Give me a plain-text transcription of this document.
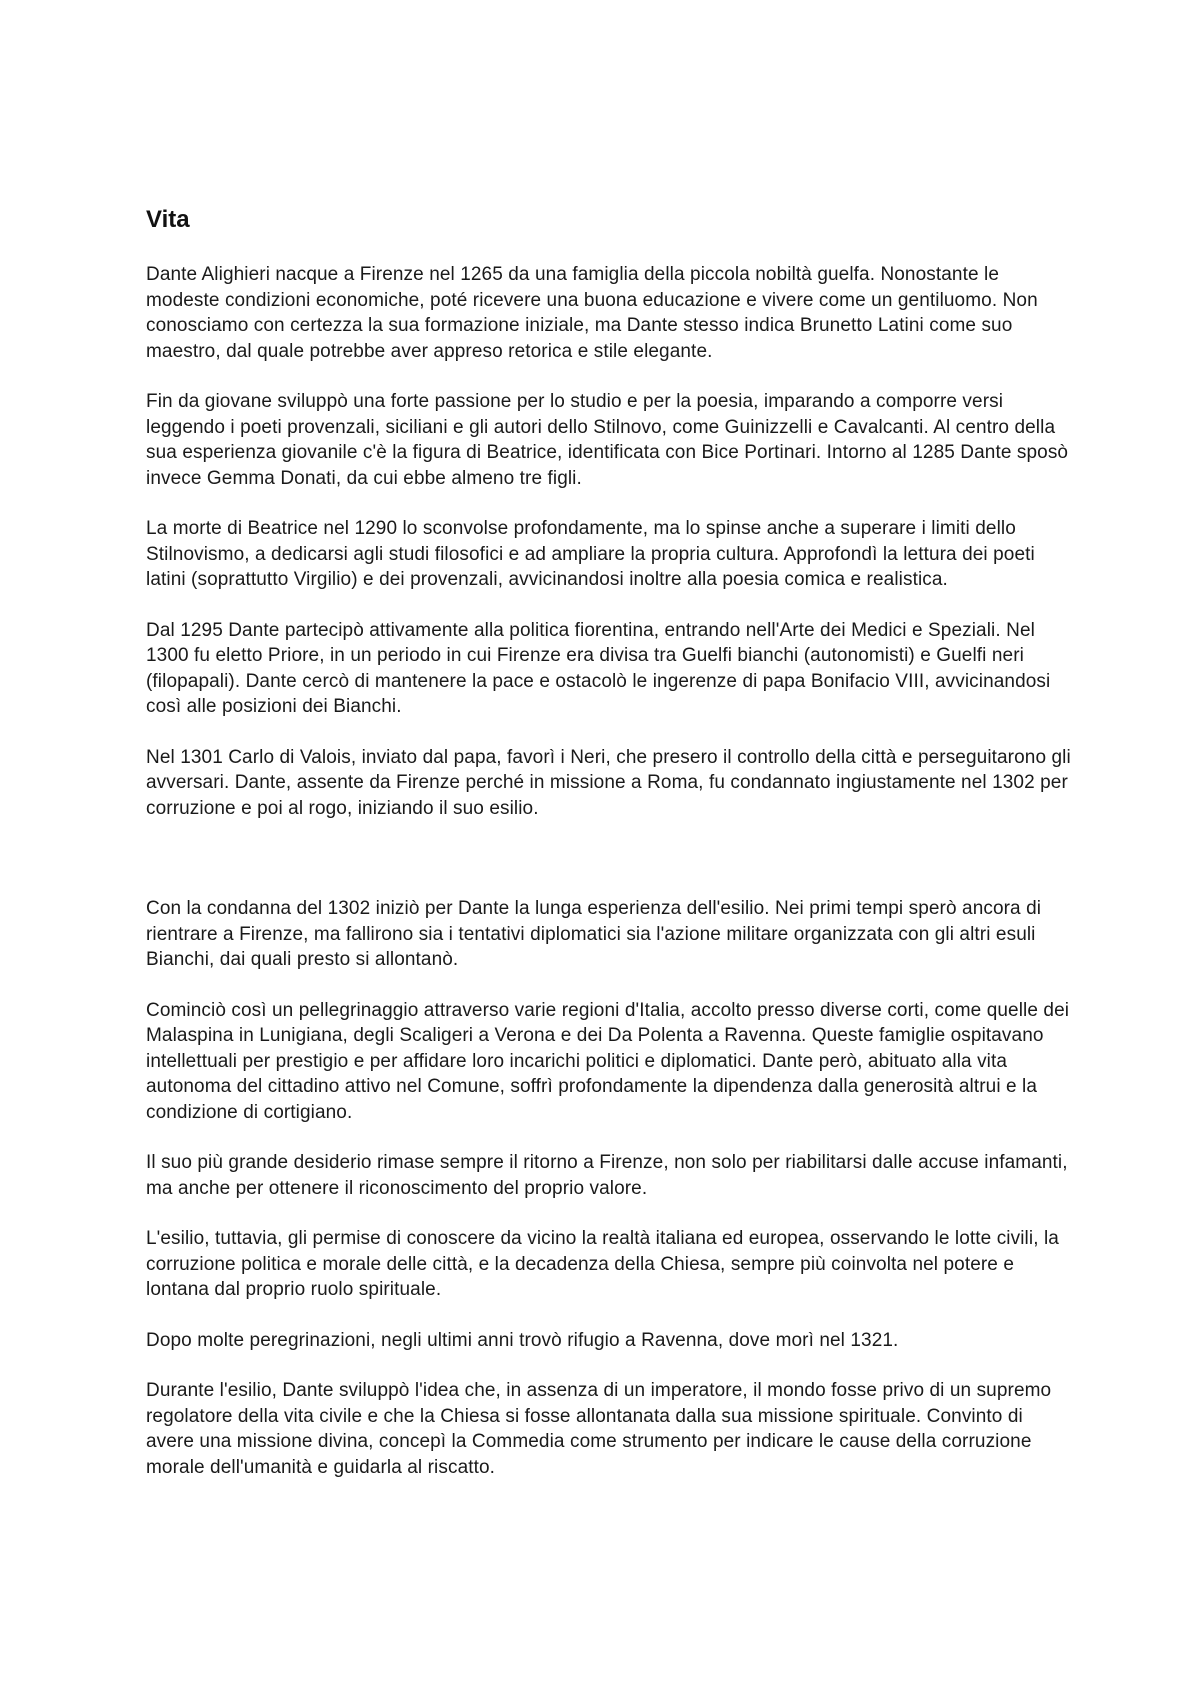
Vita

Dante Alighieri nacque a Firenze nel 1265 da una famiglia della piccola nobiltà guelfa. Nonostante le modeste condizioni economiche, poté ricevere una buona educazione e vivere come un gentiluomo. Non conosciamo con certezza la sua formazione iniziale, ma Dante stesso indica Brunetto Latini come suo maestro, dal quale potrebbe aver appreso retorica e stile elegante.

Fin da giovane sviluppò una forte passione per lo studio e per la poesia, imparando a comporre versi leggendo i poeti provenzali, siciliani e gli autori dello Stilnovo, come Guinizzelli e Cavalcanti. Al centro della sua esperienza giovanile c'è la figura di Beatrice, identificata con Bice Portinari. Intorno al 1285 Dante sposò invece Gemma Donati, da cui ebbe almeno tre figli.

La morte di Beatrice nel 1290 lo sconvolse profondamente, ma lo spinse anche a superare i limiti dello Stilnovismo, a dedicarsi agli studi filosofici e ad ampliare la propria cultura. Approfondì la lettura dei poeti latini (soprattutto Virgilio) e dei provenzali, avvicinandosi inoltre alla poesia comica e realistica.

Dal 1295 Dante partecipò attivamente alla politica fiorentina, entrando nell'Arte dei Medici e Speziali. Nel 1300 fu eletto Priore, in un periodo in cui Firenze era divisa tra Guelfi bianchi (autonomisti) e Guelfi neri (filopapali). Dante cercò di mantenere la pace e ostacolò le ingerenze di papa Bonifacio VIII, avvicinandosi così alle posizioni dei Bianchi.

Nel 1301 Carlo di Valois, inviato dal papa, favorì i Neri, che presero il controllo della città e perseguitarono gli avversari. Dante, assente da Firenze perché in missione a Roma, fu condannato ingiustamente nel 1302 per corruzione e poi al rogo, iniziando il suo esilio.

Con la condanna del 1302 iniziò per Dante la lunga esperienza dell'esilio. Nei primi tempi sperò ancora di rientrare a Firenze, ma fallirono sia i tentativi diplomatici sia l'azione militare organizzata con gli altri esuli Bianchi, dai quali presto si allontanò.

Cominciò così un pellegrinaggio attraverso varie regioni d'Italia, accolto presso diverse corti, come quelle dei Malaspina in Lunigiana, degli Scaligeri a Verona e dei Da Polenta a Ravenna. Queste famiglie ospitavano intellettuali per prestigio e per affidare loro incarichi politici e diplomatici. Dante però, abituato alla vita autonoma del cittadino attivo nel Comune, soffrì profondamente la dipendenza dalla generosità altrui e la condizione di cortigiano.

Il suo più grande desiderio rimase sempre il ritorno a Firenze, non solo per riabilitarsi dalle accuse infamanti, ma anche per ottenere il riconoscimento del proprio valore.

L'esilio, tuttavia, gli permise di conoscere da vicino la realtà italiana ed europea, osservando le lotte civili, la corruzione politica e morale delle città, e la decadenza della Chiesa, sempre più coinvolta nel potere e lontana dal proprio ruolo spirituale.

Dopo molte peregrinazioni, negli ultimi anni trovò rifugio a Ravenna, dove morì nel 1321.

Durante l'esilio, Dante sviluppò l'idea che, in assenza di un imperatore, il mondo fosse privo di un supremo regolatore della vita civile e che la Chiesa si fosse allontanata dalla sua missione spirituale. Convinto di avere una missione divina, concepì la Commedia come strumento per indicare le cause della corruzione morale dell'umanità e guidarla al riscatto.
